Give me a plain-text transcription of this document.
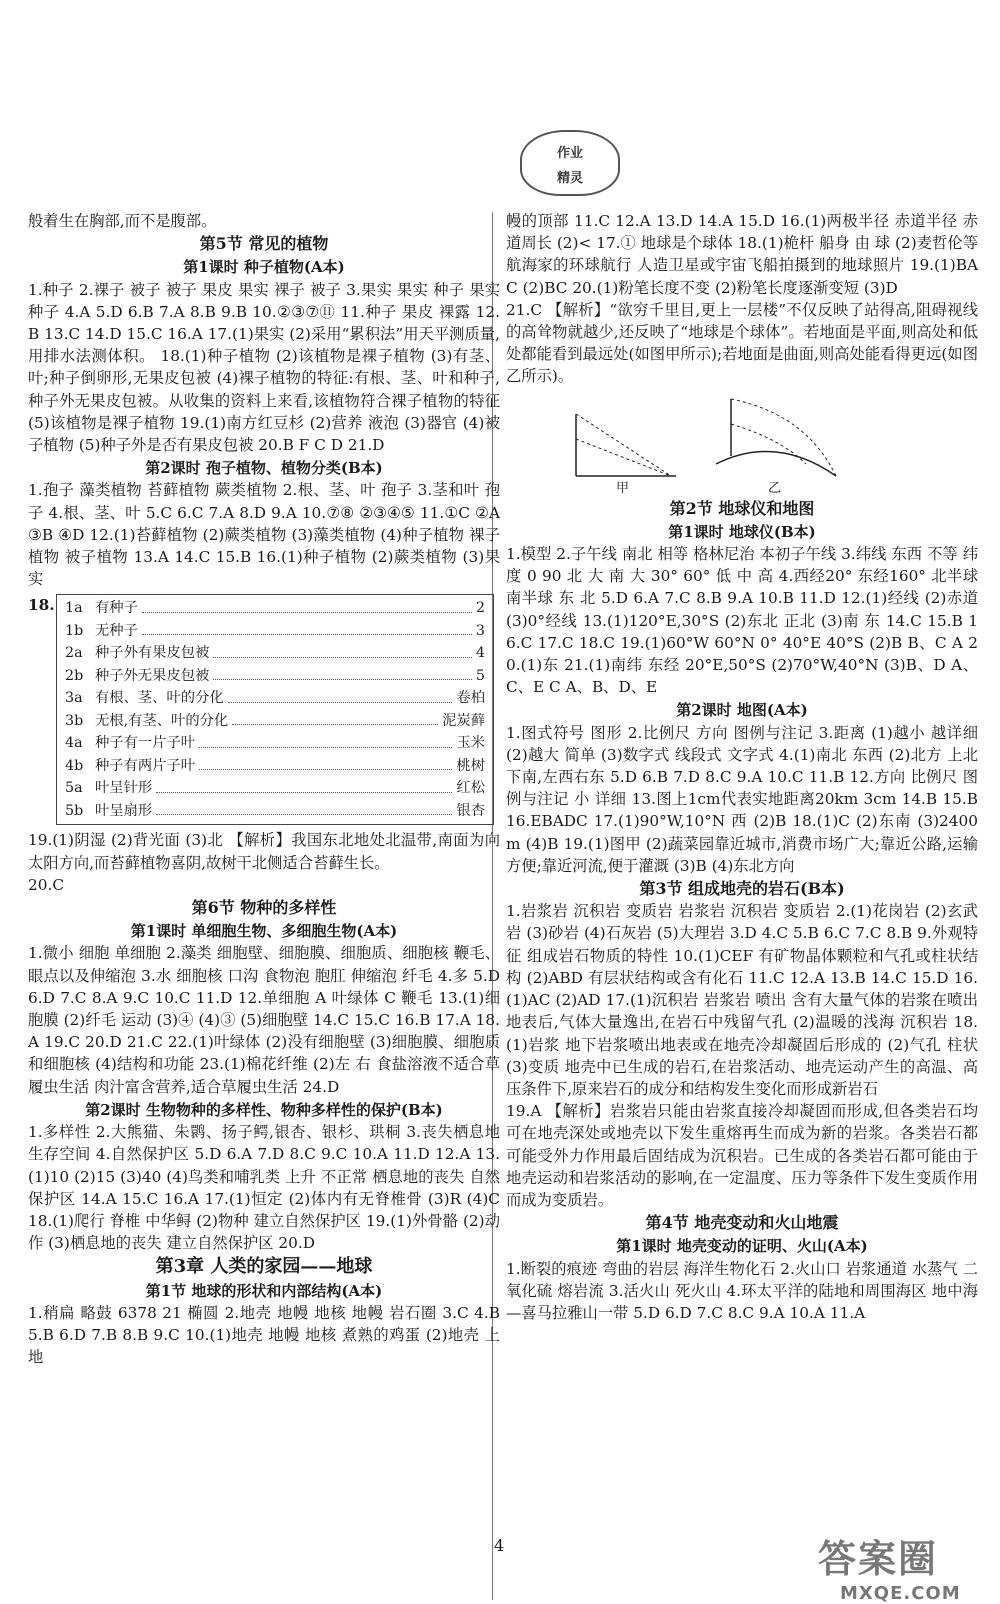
作业
精灵

般着生在胸部,而不是腹部。

第5节 常见的植物
第1课时 种子植物(A本)

1.种子 2.裸子 被子 被子 果皮 果实 裸子 被子 3.果实 果实 种子 果实 种子 4.A 5.D 6.B 7.A 8.B 9.B 10.②③⑦⑪ 11.种子 果皮 裸露 12.B 13.C 14.D 15.C 16.A 17.(1)果实 (2)采用“累积法”用天平测质量,用排水法测体积。 18.(1)种子植物 (2)该植物是裸子植物 (3)有茎、叶;种子倒卵形,无果皮包被 (4)裸子植物的特征:有根、茎、叶和种子,种子外无果皮包被。从收集的资料上来看,该植物符合裸子植物的特征 (5)该植物是裸子植物 19.(1)南方红豆杉 (2)营养 液泡 (3)器官 (4)被子植物 (5)种子外是否有果皮包被 20.B F C D 21.D

第2课时 孢子植物、植物分类(B本)

1.孢子 藻类植物 苔藓植物 蕨类植物 2.根、茎、叶 孢子 3.茎和叶 孢子 4.根、茎、叶 5.C 6.C 7.A 8.D 9.A 10.⑦⑧ ②③④⑤ 11.①C ②A ③B ④D 12.(1)苔藓植物 (2)蕨类植物 (3)藻类植物 (4)种子植物 裸子植物 被子植物 13.A 14.C 15.B 16.(1)种子植物 (2)蕨类植物 (3)果实

18. 1a 有种子	2
1b 无种子	3
2a 种子外有果皮包被	4
2b 种子外无果皮包被	5
3a 有根、茎、叶的分化	卷柏
3b 无根,有茎、叶的分化	泥炭藓
4a 种子有一片子叶	玉米
4b 种子有两片子叶	桃树
5a 叶呈针形	红松
5b 叶呈扇形	银杏

19.(1)阴湿 (2)背光面 (3)北 【解析】我国东北地处北温带,南面为向太阳方向,而苔藓植物喜阴,故树干北侧适合苔藓生长。

20.C

第6节 物种的多样性
第1课时 单细胞生物、多细胞生物(A本)

1.微小 细胞 单细胞 2.藻类 细胞壁、细胞膜、细胞质、细胞核 鞭毛、眼点以及伸缩泡 3.水 细胞核 口沟 食物泡 胞肛 伸缩泡 纤毛 4.多 5.D 6.D 7.C 8.A 9.C 10.C 11.D 12.单细胞 A 叶绿体 C 鞭毛 13.(1)细胞膜 (2)纤毛 运动 (3)④ (4)③ (5)细胞壁 14.C 15.C 16.B 17.A 18.A 19.C 20.D 21.C 22.(1)叶绿体 (2)没有细胞壁 (3)细胞膜、细胞质和细胞核 (4)结构和功能 23.(1)棉花纤维 (2)左 右 食盐溶液不适合草履虫生活 肉汁富含营养,适合草履虫生活 24.D

第2课时 生物物种的多样性、物种多样性的保护(B本)

1.多样性 2.大熊猫、朱鹮、扬子鳄,银杏、银杉、珙桐 3.丧失栖息地 生存空间 4.自然保护区 5.D 6.A 7.D 8.C 9.C 10.A 11.D 12.A 13.(1)10 (2)15 (3)40 (4)鸟类和哺乳类 上升 不正常 栖息地的丧失 自然保护区 14.A 15.C 16.A 17.(1)恒定 (2)体内有无脊椎骨 (3)R (4)C 18.(1)爬行 脊椎 中华鲟 (2)物种 建立自然保护区 19.(1)外骨骼 (2)动作 (3)栖息地的丧失 建立自然保护区 20.D

第3章 人类的家园——地球
第1节 地球的形状和内部结构(A本)

1.稍扁 略鼓 6378 21 椭圆 2.地壳 地幔 地核 地幔 岩石圈 3.C 4.B 5.B 6.D 7.B 8.B 9.C 10.(1)地壳 地幔 地核 煮熟的鸡蛋 (2)地壳 上地

幔的顶部 11.C 12.A 13.D 14.A 15.D 16.(1)两极半径 赤道半径 赤道周长 (2)< 17.① 地球是个球体 18.(1)桅杆 船身 由 球 (2)麦哲伦等航海家的环球航行 人造卫星或宇宙飞船拍摄到的地球照片 19.(1)BAC (2)BC 20.(1)粉笔长度不变 (2)粉笔长度逐渐变短 (3)D

21.C 【解析】“欲穷千里目,更上一层楼”不仅反映了站得高,阻碍视线的高耸物就越少,还反映了“地球是个球体”。若地面是平面,则高处和低处都能看到最远处(如图甲所示);若地面是曲面,则高处能看得更远(如图乙所示)。

甲	乙
第2节 地球仪和地图
第1课时 地球仪(B本)

1.模型 2.子午线 南北 相等 格林尼治 本初子午线 3.纬线 东西 不等 纬度 0 90 北 大 南 大 30° 60° 低 中 高 4.西经20° 东经160° 北半球 南半球 东 北 5.D 6.A 7.C 8.B 9.A 10.B 11.D 12.(1)经线 (2)赤道 (3)0°经线 13.(1)120°E,30°S (2)东北 正北 (3)南 东 14.C 15.B 16.C 17.C 18.C 19.(1)60°W 60°N 0° 40°E 40°S (2)B B、C A 20.(1)东 21.(1)南纬 东经 20°E,50°S (2)70°W,40°N (3)B、D A、C、E C A、B、D、E

第2课时 地图(A本)

1.图式符号 图形 2.比例尺 方向 图例与注记 3.距离 (1)越小 越详细 (2)越大 简单 (3)数字式 线段式 文字式 4.(1)南北 东西 (2)北方 上北下南,左西右东 5.D 6.B 7.D 8.C 9.A 10.C 11.B 12.方向 比例尺 图例与注记 小 详细 13.图上1cm代表实地距离20km 3cm 14.B 15.B 16.EBADC 17.(1)90°W,10°N 西 (2)B 18.(1)C (2)东南 (3)2400m (4)B 19.(1)图甲 (2)蔬菜园靠近城市,消费市场广大;靠近公路,运输方便;靠近河流,便于灌溉 (3)B (4)东北方向

第3节 组成地壳的岩石(B本)

1.岩浆岩 沉积岩 变质岩 岩浆岩 沉积岩 变质岩 2.(1)花岗岩 (2)玄武岩 (3)砂岩 (4)石灰岩 (5)大理岩 3.D 4.C 5.B 6.C 7.C 8.B 9.外观特征 组成岩石物质的特性 10.(1)CEF 有矿物晶体颗粒和气孔或柱状结构 (2)ABD 有层状结构或含有化石 11.C 12.A 13.B 14.C 15.D 16.(1)AC (2)AD 17.(1)沉积岩 岩浆岩 喷出 含有大量气体的岩浆在喷出地表后,气体大量逸出,在岩石中残留气孔 (2)温暖的浅海 沉积岩 18.(1)岩浆 地下岩浆喷出地表或在地壳冷却凝固后形成的 (2)气孔 柱状 (3)变质 地壳中已生成的岩石,在岩浆活动、地壳运动产生的高温、高压条件下,原来岩石的成分和结构发生变化而形成新岩石

19.A 【解析】岩浆岩只能由岩浆直接冷却凝固而形成,但各类岩石均可在地壳深处或地壳以下发生重熔再生而成为新的岩浆。各类岩石都可能受外力作用最后固结成为沉积岩。已生成的各类岩石都可能由于地壳运动和岩浆活动的影响,在一定温度、压力等条件下发生变质作用而成为变质岩。

第4节 地壳变动和火山地震
第1课时 地壳变动的证明、火山(A本)

1.断裂的痕迹 弯曲的岩层 海洋生物化石 2.火山口 岩浆通道 水蒸气 二氧化硫 熔岩流 3.活火山 死火山 4.环太平洋的陆地和周围海区 地中海—喜马拉雅山一带 5.D 6.D 7.C 8.C 9.A 10.A 11.A

4	答案圈
MXQE.COM
